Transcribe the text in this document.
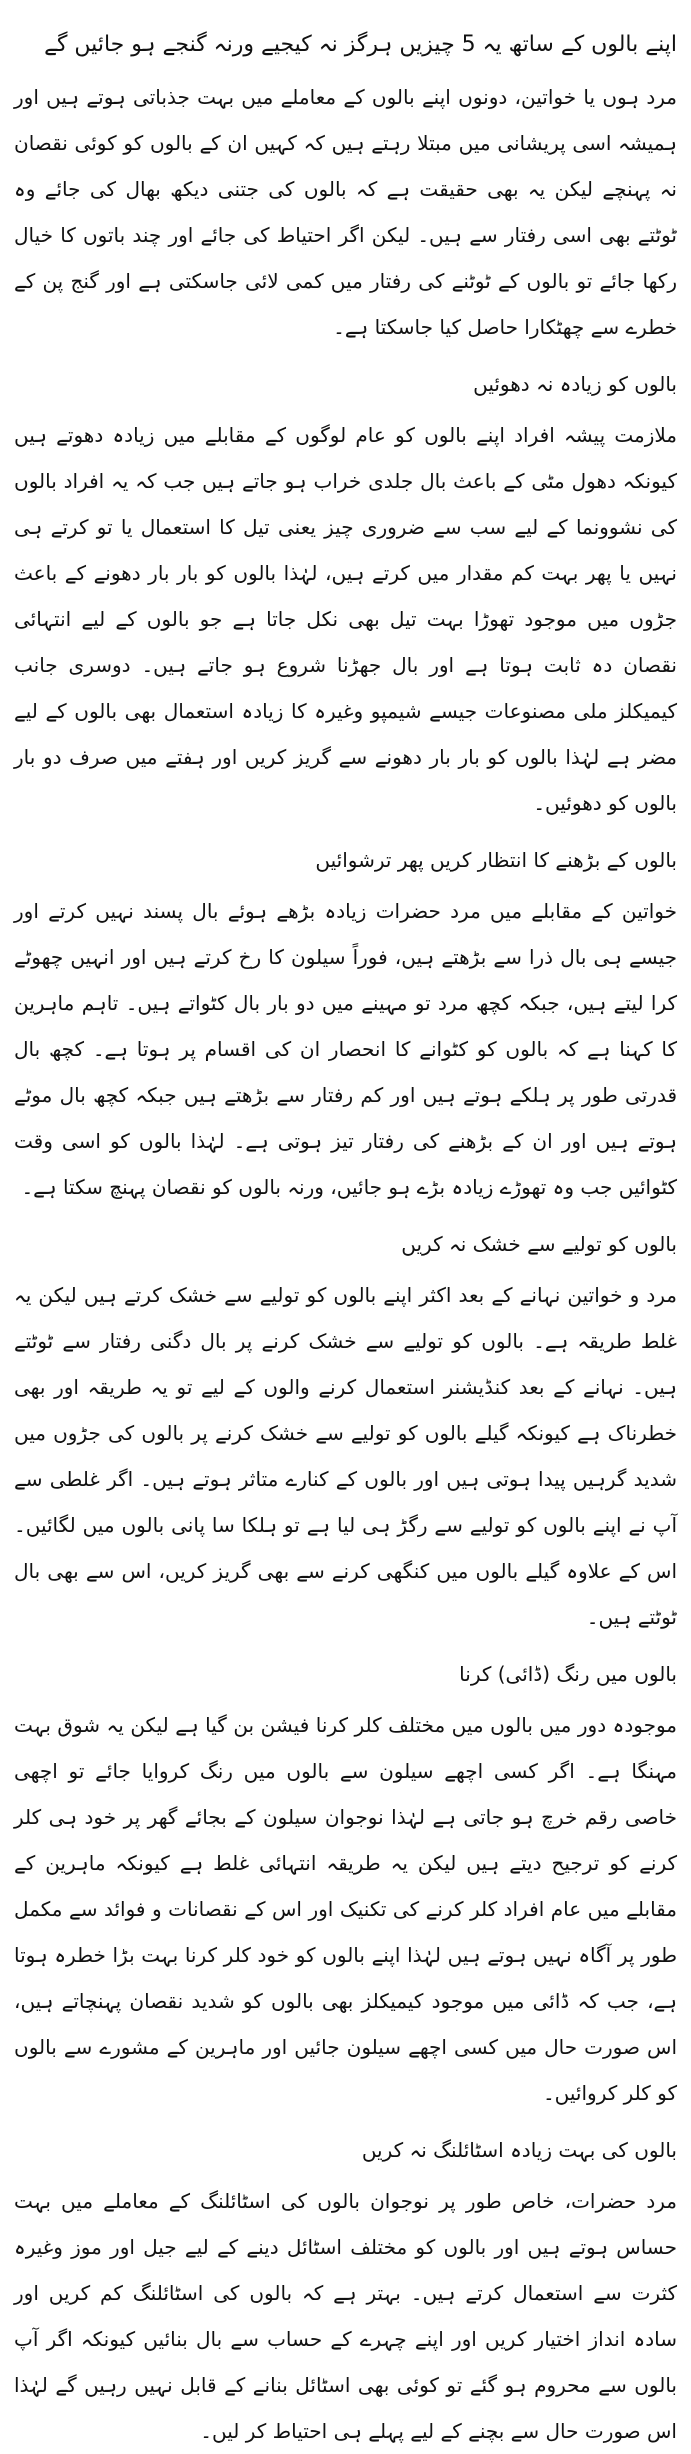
اپنے بالوں کے ساتھ یہ 5 چیزیں ہرگز نہ کیجیے ورنہ گنجے ہو جائیں گے

مرد ہوں یا خواتین، دونوں اپنے بالوں کے معاملے میں بہت جذباتی ہوتے ہیں اور ہمیشہ اسی پریشانی میں مبتلا رہتے ہیں کہ کہیں ان کے بالوں کو کوئی نقصان نہ پہنچے لیکن یہ بھی حقیقت ہے کہ بالوں کی جتنی دیکھ بھال کی جائے وہ ٹوٹتے بھی اسی رفتار سے ہیں۔ لیکن اگر احتیاط کی جائے اور چند باتوں کا خیال رکھا جائے تو بالوں کے ٹوٹنے کی رفتار میں کمی لائی جاسکتی ہے اور گنج پن کے خطرے سے چھٹکارا حاصل کیا جاسکتا ہے۔

بالوں کو زیادہ نہ دھوئیں

ملازمت پیشہ افراد اپنے بالوں کو عام لوگوں کے مقابلے میں زیادہ دھوتے ہیں کیونکہ دھول مٹی کے باعث بال جلدی خراب ہو جاتے ہیں جب کہ یہ افراد بالوں کی نشوونما کے لیے سب سے ضروری چیز یعنی تیل کا استعمال یا تو کرتے ہی نہیں یا پھر بہت کم مقدار میں کرتے ہیں، لہٰذا بالوں کو بار بار دھونے کے باعث جڑوں میں موجود تھوڑا بہت تیل بھی نکل جاتا ہے جو بالوں کے لیے انتہائی نقصان دہ ثابت ہوتا ہے اور بال جھڑنا شروع ہو جاتے ہیں۔ دوسری جانب کیمیکلز ملی مصنوعات جیسے شیمپو وغیرہ کا زیادہ استعمال بھی بالوں کے لیے مضر ہے لہٰذا بالوں کو بار بار دھونے سے گریز کریں اور ہفتے میں صرف دو بار بالوں کو دھوئیں۔

بالوں کے بڑھنے کا انتظار کریں پھر ترشوائیں

خواتین کے مقابلے میں مرد حضرات زیادہ بڑھے ہوئے بال پسند نہیں کرتے اور جیسے ہی بال ذرا سے بڑھتے ہیں، فوراً سیلون کا رخ کرتے ہیں اور انہیں چھوٹے کرا لیتے ہیں، جبکہ کچھ مرد تو مہینے میں دو بار بال کٹواتے ہیں۔ تاہم ماہرین کا کہنا ہے کہ بالوں کو کٹوانے کا انحصار ان کی اقسام پر ہوتا ہے۔ کچھ بال قدرتی طور پر ہلکے ہوتے ہیں اور کم رفتار سے بڑھتے ہیں جبکہ کچھ بال موٹے ہوتے ہیں اور ان کے بڑھنے کی رفتار تیز ہوتی ہے۔ لہٰذا بالوں کو اسی وقت کٹوائیں جب وہ تھوڑے زیادہ بڑے ہو جائیں، ورنہ بالوں کو نقصان پہنچ سکتا ہے۔

بالوں کو تولیے سے خشک نہ کریں

مرد و خواتین نہانے کے بعد اکثر اپنے بالوں کو تولیے سے خشک کرتے ہیں لیکن یہ غلط طریقہ ہے۔ بالوں کو تولیے سے خشک کرنے پر بال دگنی رفتار سے ٹوٹتے ہیں۔ نہانے کے بعد کنڈیشنر استعمال کرنے والوں کے لیے تو یہ طریقہ اور بھی خطرناک ہے کیونکہ گیلے بالوں کو تولیے سے خشک کرنے پر بالوں کی جڑوں میں شدید گرہیں پیدا ہوتی ہیں اور بالوں کے کنارے متاثر ہوتے ہیں۔ اگر غلطی سے آپ نے اپنے بالوں کو تولیے سے رگڑ ہی لیا ہے تو ہلکا سا پانی بالوں میں لگائیں۔ اس کے علاوہ گیلے بالوں میں کنگھی کرنے سے بھی گریز کریں، اس سے بھی بال ٹوٹتے ہیں۔

بالوں میں رنگ (ڈائی) کرنا

موجودہ دور میں بالوں میں مختلف کلر کرنا فیشن بن گیا ہے لیکن یہ شوق بہت مہنگا ہے۔ اگر کسی اچھے سیلون سے بالوں میں رنگ کروایا جائے تو اچھی خاصی رقم خرچ ہو جاتی ہے لہٰذا نوجوان سیلون کے بجائے گھر پر خود ہی کلر کرنے کو ترجیح دیتے ہیں لیکن یہ طریقہ انتہائی غلط ہے کیونکہ ماہرین کے مقابلے میں عام افراد کلر کرنے کی تکنیک اور اس کے نقصانات و فوائد سے مکمل طور پر آگاہ نہیں ہوتے ہیں لہٰذا اپنے بالوں کو خود کلر کرنا بہت بڑا خطرہ ہوتا ہے، جب کہ ڈائی میں موجود کیمیکلز بھی بالوں کو شدید نقصان پہنچاتے ہیں، اس صورت حال میں کسی اچھے سیلون جائیں اور ماہرین کے مشورے سے بالوں کو کلر کروائیں۔

بالوں کی بہت زیادہ اسٹائلنگ نہ کریں

مرد حضرات، خاص طور پر نوجوان بالوں کی اسٹائلنگ کے معاملے میں بہت حساس ہوتے ہیں اور بالوں کو مختلف اسٹائل دینے کے لیے جیل اور موز وغیرہ کثرت سے استعمال کرتے ہیں۔ بہتر ہے کہ بالوں کی اسٹائلنگ کم کریں اور سادہ انداز اختیار کریں اور اپنے چہرے کے حساب سے بال بنائیں کیونکہ اگر آپ بالوں سے محروم ہو گئے تو کوئی بھی اسٹائل بنانے کے قابل نہیں رہیں گے لہٰذا اس صورت حال سے بچنے کے لیے پہلے ہی احتیاط کر لیں۔
